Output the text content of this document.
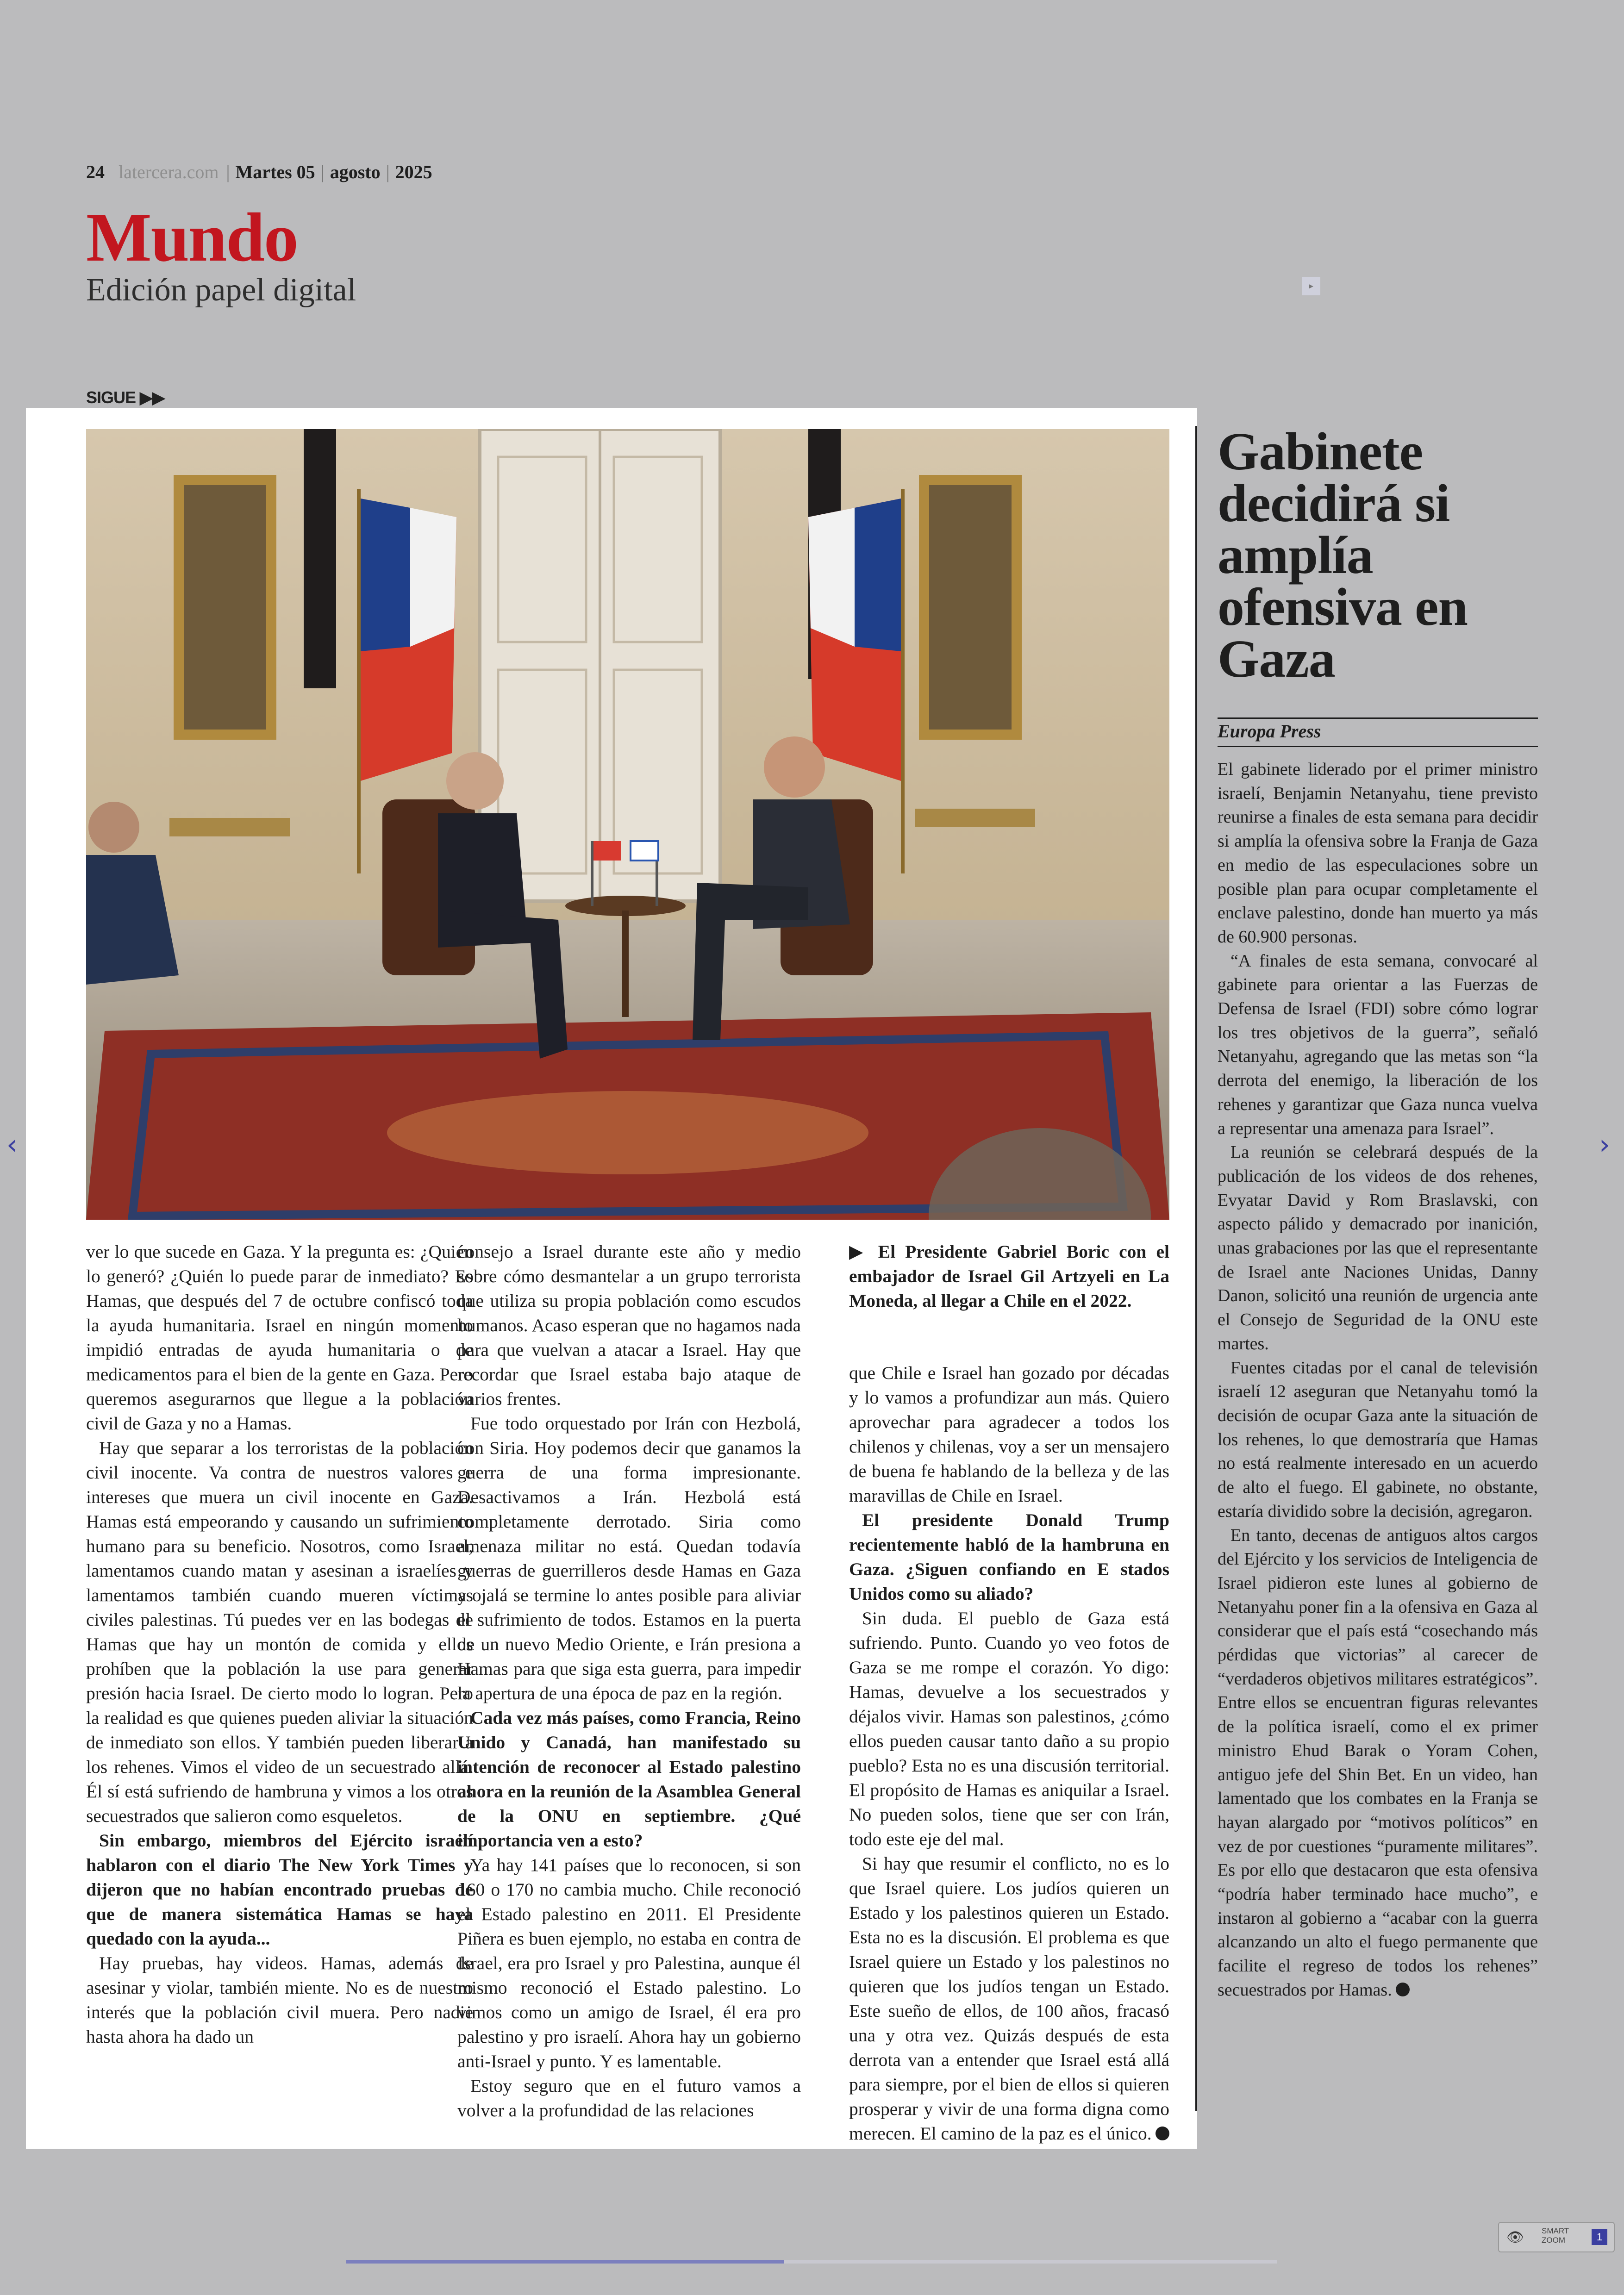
24 latercera.com | Martes 05 | agosto | 2025
Mundo
Edición papel digital	▸
SIGUE ▶▶

ver lo que sucede en Gaza. Y la pregunta es: ¿Quién lo generó? ¿Quién lo puede parar de inmediato? Es Hamas, que después del 7 de octubre confiscó toda la ayuda humanitaria. Israel en ningún momento impidió entradas de ayuda humanitaria o de medicamentos para el bien de la gente en Gaza. Pero queremos asegurarnos que llegue a la población civil de Gaza y no a Hamas.

Hay que separar a los terroristas de la población civil inocente. Va contra de nuestros valores e intereses que muera un civil inocente en Gaza. Hamas está empeorando y causando un sufrimiento humano para su beneficio. Nosotros, como Israel, lamentamos cuando matan y asesinan a israelíes y lamentamos también cuando mueren víctimas civiles palestinas. Tú puedes ver en las bodegas de Hamas que hay un montón de comida y ellos prohíben que la población la use para generar presión hacia Israel. De cierto modo lo logran. Pero la realidad es que quienes pueden aliviar la situación de inmediato son ellos. Y también pueden liberar a los rehenes. Vimos el video de un secuestrado allá. Él sí está sufriendo de hambruna y vimos a los otros secuestrados que salieron como esqueletos.

Sin embargo, miembros del Ejército israelí hablaron con el diario The New York Times y dijeron que no habían encontrado pruebas de que de manera sistemática Hamas se haya quedado con la ayuda...

Hay pruebas, hay videos. Hamas, además de asesinar y violar, también miente. No es de nuestro interés que la población civil muera. Pero nadie hasta ahora ha dado un

consejo a Israel durante este año y medio sobre cómo desmantelar a un grupo terrorista que utiliza su propia población como escudos humanos. Acaso esperan que no hagamos nada para que vuelvan a atacar a Israel. Hay que recordar que Israel estaba bajo ataque de varios frentes.

Fue todo orquestado por Irán con Hezbolá, con Siria. Hoy podemos decir que ganamos la guerra de una forma impresionante. Desactivamos a Irán. Hezbolá está completamente derrotado. Siria como amenaza militar no está. Quedan todavía guerras de guerrilleros desde Hamas en Gaza y ojalá se termine lo antes posible para aliviar el sufrimiento de todos. Estamos en la puerta de un nuevo Medio Oriente, e Irán presiona a Hamas para que siga esta guerra, para impedir la apertura de una época de paz en la región.

Cada vez más países, como Francia, Reino Unido y Canadá, han manifestado su intención de reconocer al Estado palestino ahora en la reunión de la Asamblea General de la ONU en septiembre. ¿Qué importancia ven a esto?

Ya hay 141 países que lo reconocen, si son 160 o 170 no cambia mucho. Chile reconoció el Estado palestino en 2011. El Presidente Piñera es buen ejemplo, no estaba en contra de Israel, era pro Israel y pro Palestina, aunque él mismo reconoció el Estado palestino. Lo vimos como un amigo de Israel, él era pro palestino y pro israelí. Ahora hay un gobierno anti-Israel y punto. Y es lamentable.

Estoy seguro que en el futuro vamos a volver a la profundidad de las relaciones

▶ El Presidente Gabriel Boric con el embajador de Israel Gil Artzyeli en La Moneda, al llegar a Chile en el 2022.

que Chile e Israel han gozado por décadas y lo vamos a profundizar aun más. Quiero aprovechar para agradecer a todos los chilenos y chilenas, voy a ser un mensajero de buena fe hablando de la belleza y de las maravillas de Chile en Israel.

El presidente Donald Trump recientemente habló de la hambruna en Gaza. ¿Siguen confiando en E stados Unidos como su aliado?

Sin duda. El pueblo de Gaza está sufriendo. Punto. Cuando yo veo fotos de Gaza se me rompe el corazón. Yo digo: Hamas, devuelve a los secuestrados y déjalos vivir. Hamas son palestinos, ¿cómo ellos pueden causar tanto daño a su propio pueblo? Esta no es una discusión territorial. El propósito de Hamas es aniquilar a Israel. No pueden solos, tiene que ser con Irán, todo este eje del mal.

Si hay que resumir el conflicto, no es lo que Israel quiere. Los judíos quieren un Estado y los palestinos quieren un Estado. Esta no es la discusión. El problema es que Israel quiere un Estado y los palestinos no quieren que los judíos tengan un Estado. Este sueño de ellos, de 100 años, fracasó una y otra vez. Quizás después de esta derrota van a entender que Israel está allá para siempre, por el bien de ellos si quieren prosperar y vivir de una forma digna como merecen. El camino de la paz es el único.

Gabinete decidirá si amplía ofensiva en Gaza
Europa Press

El gabinete liderado por el primer ministro israelí, Benjamin Netanyahu, tiene previsto reunirse a finales de esta semana para decidir si amplía la ofensiva sobre la Franja de Gaza en medio de las especulaciones sobre un posible plan para ocupar completamente el enclave palestino, donde han muerto ya más de 60.900 personas.

“A finales de esta semana, convocaré al gabinete para orientar a las Fuerzas de Defensa de Israel (FDI) sobre cómo lograr los tres objetivos de la guerra”, señaló Netanyahu, agregando que las metas son “la derrota del enemigo, la liberación de los rehenes y garantizar que Gaza nunca vuelva a representar una amenaza para Israel”.

La reunión se celebrará después de la publicación de los videos de dos rehenes, Evyatar David y Rom Braslavski, con aspecto pálido y demacrado por inanición, unas grabaciones por las que el representante de Israel ante Naciones Unidas, Danny Danon, solicitó una reunión de urgencia ante el Consejo de Seguridad de la ONU este martes.

Fuentes citadas por el canal de televisión israelí 12 aseguran que Netanyahu tomó la decisión de ocupar Gaza ante la situación de los rehenes, lo que demostraría que Hamas no está realmente interesado en un acuerdo de alto el fuego. El gabinete, no obstante, estaría dividido sobre la decisión, agregaron.

En tanto, decenas de antiguos altos cargos del Ejército y los servicios de Inteligencia de Israel pidieron este lunes al gobierno de Netanyahu poner fin a la ofensiva en Gaza al considerar que el país está “cosechando más pérdidas que victorias” al carecer de “verdaderos objetivos militares estratégicos”. Entre ellos se encuentran figuras relevantes de la política israelí, como el ex primer ministro Ehud Barak o Yoram Cohen, antiguo jefe del Shin Bet. En un video, han lamentado que los combates en la Franja se hayan alargado por “motivos políticos” en vez de por cuestiones “puramente militares”. Es por ello que destacaron que esta ofensiva “podría haber terminado hace mucho”, e instaron al gobierno a “acabar con la guerra alcanzando un alto el fuego permanente que facilite el regreso de todos los rehenes” secuestrados por Hamas.

‹	›
👁 SMART
ZOOM	1
